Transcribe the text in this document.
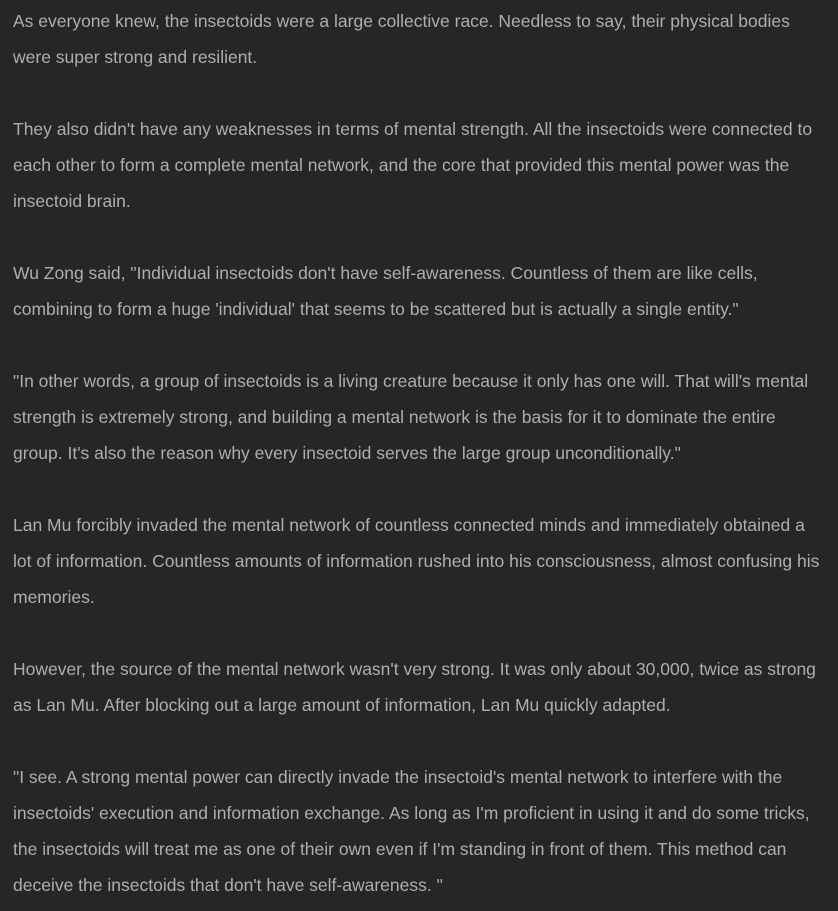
As everyone knew, the insectoids were a large collective race. Needless to say, their physical bodies were super strong and resilient.

They also didn't have any weaknesses in terms of mental strength. All the insectoids were connected to each other to form a complete mental network, and the core that provided this mental power was the insectoid brain.

Wu Zong said, "Individual insectoids don't have self-awareness. Countless of them are like cells, combining to form a huge 'individual' that seems to be scattered but is actually a single entity."

"In other words, a group of insectoids is a living creature because it only has one will. That will's mental strength is extremely strong, and building a mental network is the basis for it to dominate the entire group. It's also the reason why every insectoid serves the large group unconditionally."

Lan Mu forcibly invaded the mental network of countless connected minds and immediately obtained a lot of information. Countless amounts of information rushed into his consciousness, almost confusing his memories.

However, the source of the mental network wasn't very strong. It was only about 30,000, twice as strong as Lan Mu. After blocking out a large amount of information, Lan Mu quickly adapted.

"I see. A strong mental power can directly invade the insectoid's mental network to interfere with the insectoids' execution and information exchange. As long as I'm proficient in using it and do some tricks, the insectoids will treat me as one of their own even if I'm standing in front of them. This method can deceive the insectoids that don't have self-awareness. "
